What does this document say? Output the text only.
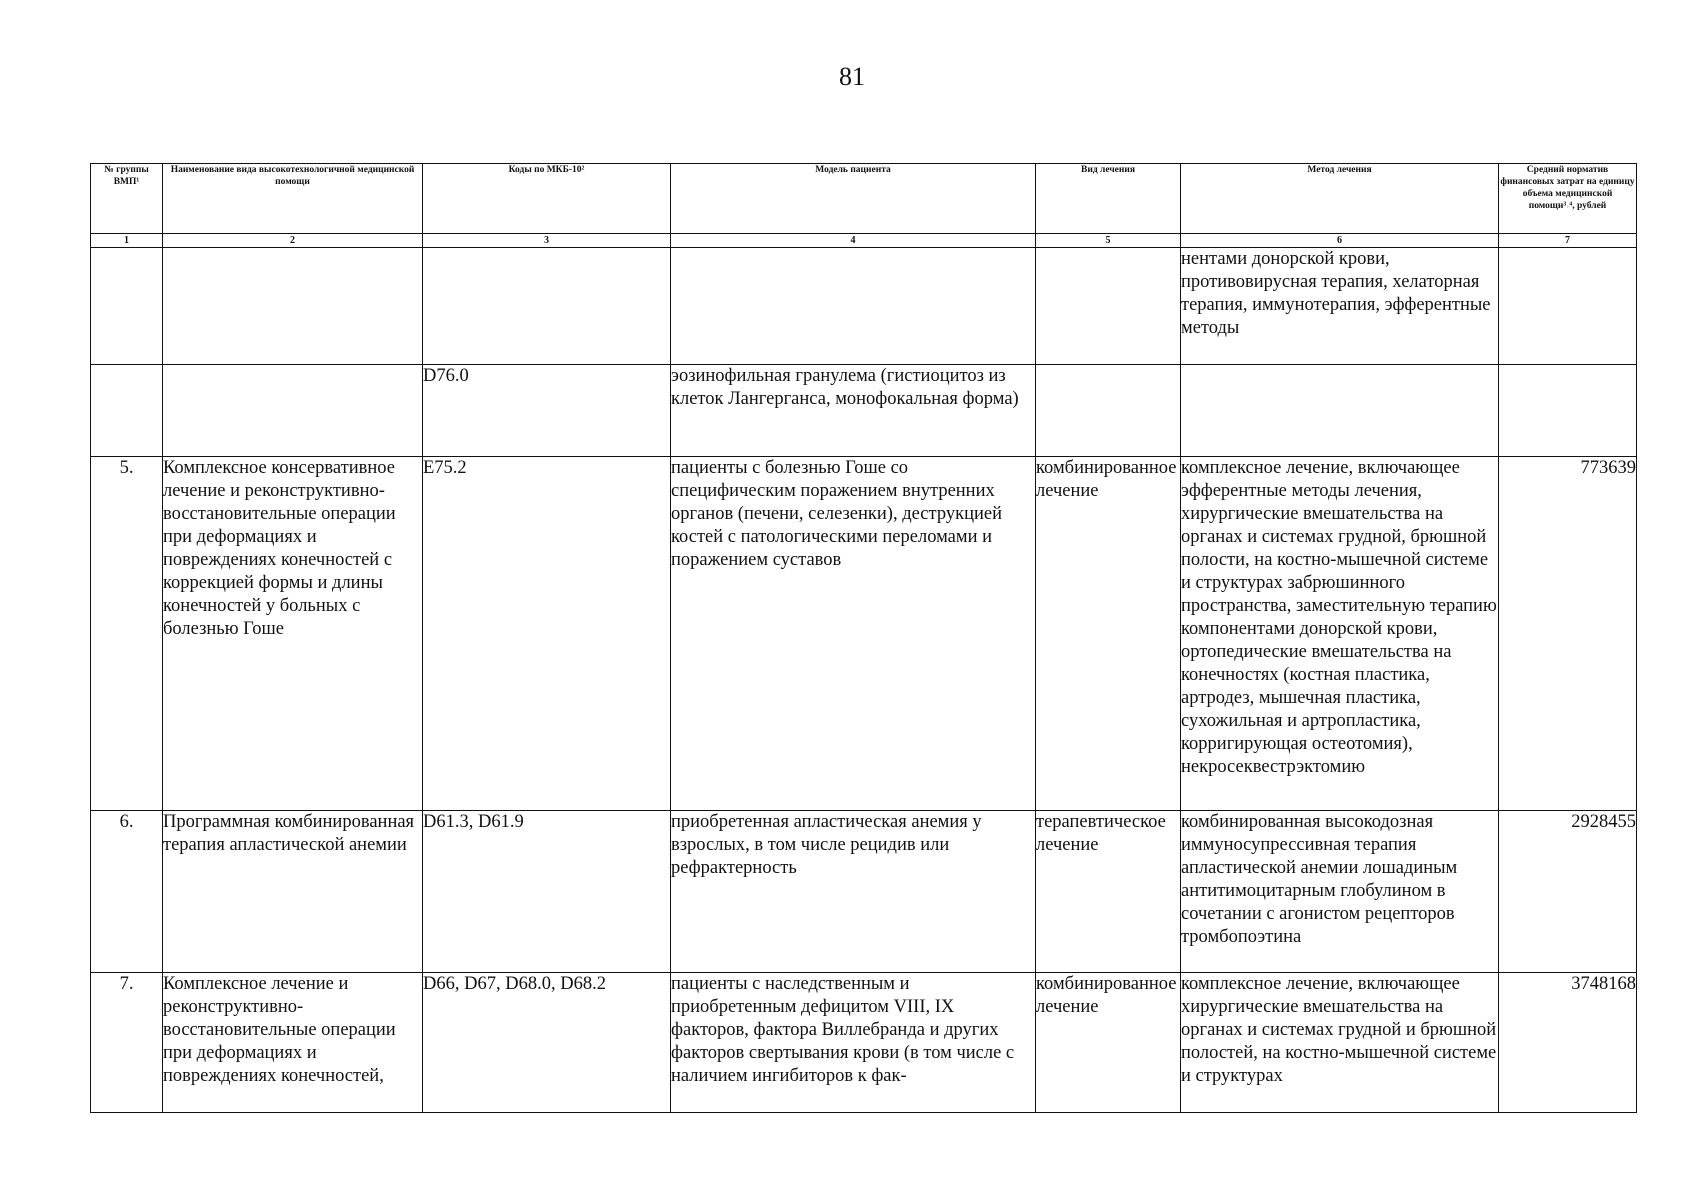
81
№ группы ВМП¹	Наименование вида высокотехнологичной медицинской помощи	Коды по МКБ-10²	Модель пациента	Вид лечения	Метод лечения	Средний норматив финансовых затрат на единицу объема медицинской помощи³˒⁴, рублей
1	2	3	4	5	6	7
					нентами донорской крови, противовирусная терапия, хелаторная терапия, иммунотерапия, эфферентные методы	
		D76.0	эозинофильная гранулема (гистиоцитоз из клеток Лангерганса, монофокальная форма)			
5.	Комплексное консервативное лечение и реконструктивно-восстановительные операции при деформациях и повреждениях конечностей с коррекцией формы и длины конечностей у больных с болезнью Гоше	E75.2	пациенты с болезнью Гоше со специфическим поражением внутренних органов (печени, селезенки), деструкцией костей с патологическими переломами и поражением суставов	комбинированное лечение	комплексное лечение, включающее эфферентные методы лечения, хирургические вмешательства на органах и системах грудной, брюшной полости, на костно-мышечной системе и структурах забрюшинного пространства, заместительную терапию компонентами донорской крови, ортопедические вмешательства на конечностях (костная пластика, артродез, мышечная пластика, сухожильная и артропластика, корригирующая остеотомия), некросеквестрэктомию	773639
6.	Программная комбинированная терапия апластической анемии	D61.3, D61.9	приобретенная апластическая анемия у взрослых, в том числе рецидив или рефрактерность	терапевтическое лечение	комбинированная высокодозная иммуносупрессивная терапия апластической анемии лошадиным антитимоцитарным глобулином в сочетании с агонистом рецепторов тромбопоэтина	2928455
7.	Комплексное лечение и реконструктивно-восстановительные операции при деформациях и повреждениях конечностей,	D66, D67, D68.0, D68.2	пациенты с наследственным и приобретенным дефицитом VIII, IX факторов, фактора Виллебранда и других факторов свертывания крови (в том числе с наличием ингибиторов к фак-	комбинированное лечение	комплексное лечение, включающее хирургические вмешательства на органах и системах грудной и брюшной полостей, на костно-мышечной системе и структурах	3748168
